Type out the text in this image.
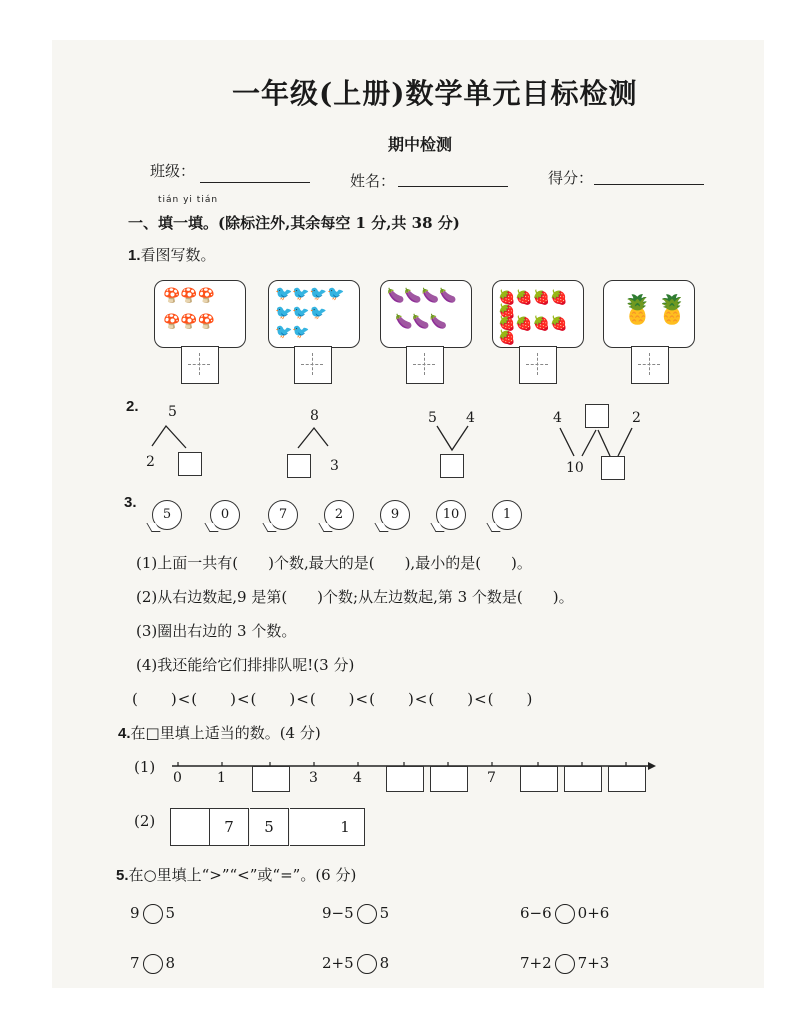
一年级(上册)数学单元目标检测
期中检测
班级：
姓名：	得分：
tián yi tián
一、填一填。(除标注外,其余每空 1 分,共 38 分)
1.看图写数。
🍄🍄🍄
🍄🍄🍄
🐦🐦🐦🐦
🐦🐦🐦
🐦🐦
🍆🍆🍆🍆
🍆🍆🍆
🍓🍓🍓🍓🍓
🍓🍓🍓🍓🍓
🍍🍍
2. 5
2
8
3
5 4	4	2
10
3.
5	0	7	2	9	10	1
(1)上面一共有(　　)个数,最大的是(　　),最小的是(　　)。
(2)从右边数起,9 是第(　　)个数;从左边数起,第 3 个数是(　　)。
(3)圈出右边的 3 个数。
(4)我还能给它们排排队呢!(3 分)
(　　)<(　　)<(　　)<(　　)<(　　)<(　　)<(　　)
4.在□里填上适当的数。(4 分)
(1)
0	1	3	4	7
(2)	7	5	1
5.在○里填上“>”“<”或“=”。(6 分)
9 5	9−5 5	6−6 0+6
7 8	2+5 8	7+2 7+3
